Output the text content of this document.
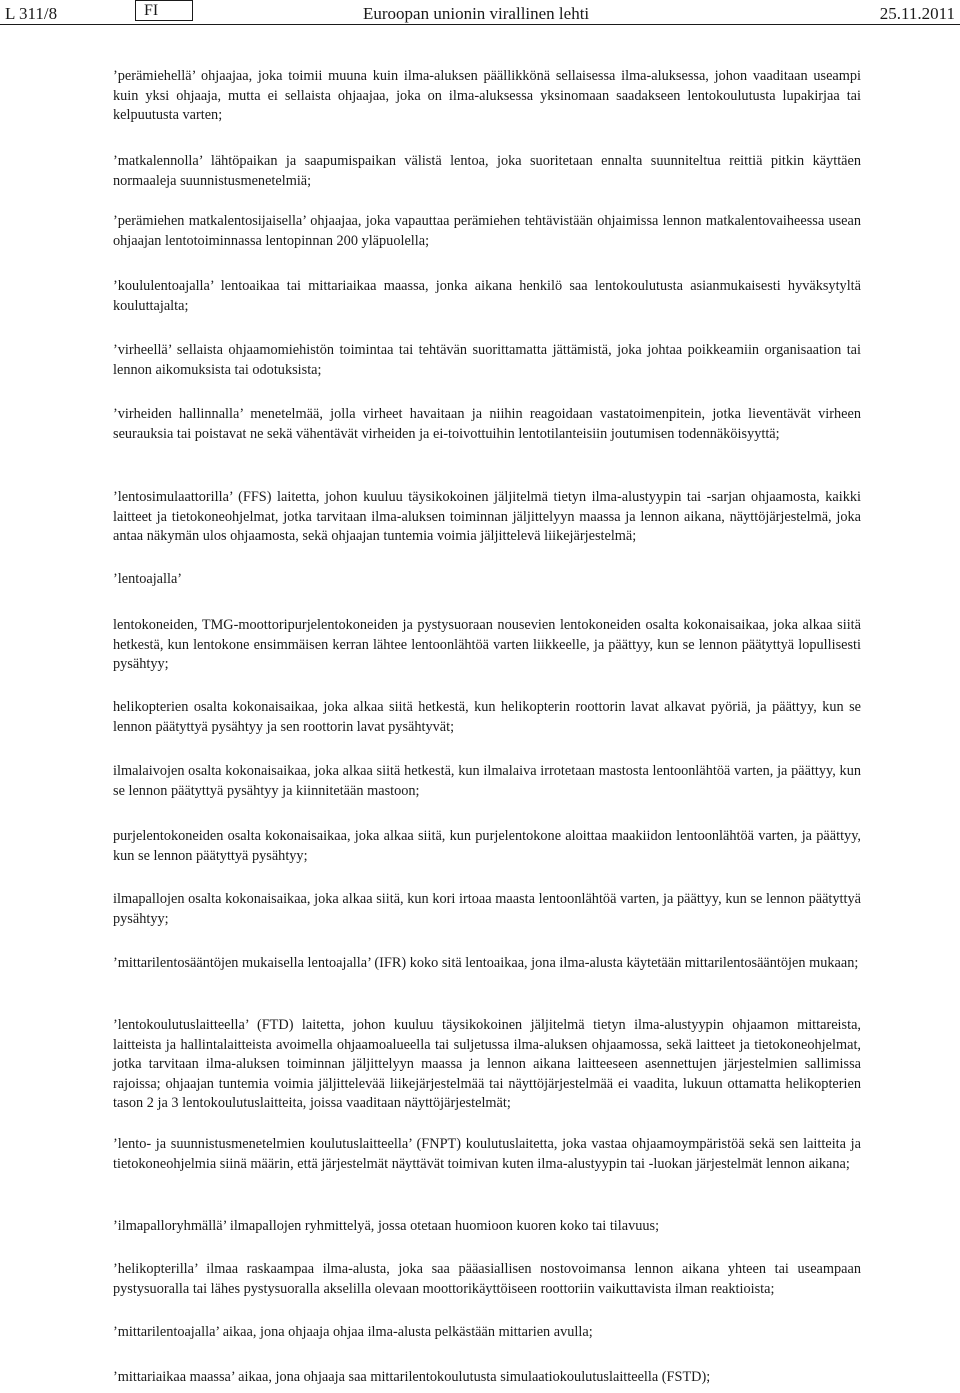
L 311/8	FI	Euroopan unionin virallinen lehti	25.11.2011

’perämiehellä’ ohjaajaa, joka toimii muuna kuin ilma-aluksen päällikkönä sellaisessa ilma-aluksessa, johon vaaditaan useampi kuin yksi ohjaaja, mutta ei sellaista ohjaajaa, joka on ilma-aluksessa yksinomaan saadakseen lentokoulutusta lupakirjaa tai kelpuutusta varten;

’matkalennolla’ lähtöpaikan ja saapumispaikan välistä lentoa, joka suoritetaan ennalta suunniteltua reittiä pitkin käyttäen normaaleja suunnistusmenetelmiä;

’perämiehen matkalentosijaisella’ ohjaajaa, joka vapauttaa perämiehen tehtävistään ohjaimissa lennon matkalentovaiheessa usean ohjaajan lentotoiminnassa lentopinnan 200 yläpuolella;

’koululentoajalla’ lentoaikaa tai mittariaikaa maassa, jonka aikana henkilö saa lentokoulutusta asianmukaisesti hyväksytyltä kouluttajalta;

’virheellä’ sellaista ohjaamomiehistön toimintaa tai tehtävän suorittamatta jättämistä, joka johtaa poikkeamiin organisaation tai lennon aikomuksista tai odotuksista;

’virheiden hallinnalla’ menetelmää, jolla virheet havaitaan ja niihin reagoidaan vastatoimenpitein, jotka lieventävät virheen seurauksia tai poistavat ne sekä vähentävät virheiden ja ei-toivottuihin lentotilanteisiin joutumisen todennäköisyyttä;

’lentosimulaattorilla’ (FFS) laitetta, johon kuuluu täysikokoinen jäljitelmä tietyn ilma-alustyypin tai -sarjan ohjaamosta, kaikki laitteet ja tietokoneohjelmat, jotka tarvitaan ilma-aluksen toiminnan jäljittelyyn maassa ja lennon aikana, näyttöjärjestelmä, joka antaa näkymän ulos ohjaamosta, sekä ohjaajan tuntemia voimia jäljittelevä liikejärjestelmä;

’lentoajalla’

lentokoneiden, TMG-moottoripurjelentokoneiden ja pystysuoraan nousevien lentokoneiden osalta kokonaisaikaa, joka alkaa siitä hetkestä, kun lentokone ensimmäisen kerran lähtee lentoonlähtöä varten liikkeelle, ja päättyy, kun se lennon päätyttyä lopullisesti pysähtyy;

helikopterien osalta kokonaisaikaa, joka alkaa siitä hetkestä, kun helikopterin roottorin lavat alkavat pyöriä, ja päättyy, kun se lennon päätyttyä pysähtyy ja sen roottorin lavat pysähtyvät;

ilmalaivojen osalta kokonaisaikaa, joka alkaa siitä hetkestä, kun ilmalaiva irrotetaan mastosta lentoonlähtöä varten, ja päättyy, kun se lennon päätyttyä pysähtyy ja kiinnitetään mastoon;

purjelentokoneiden osalta kokonaisaikaa, joka alkaa siitä, kun purjelentokone aloittaa maakiidon lentoonlähtöä varten, ja päättyy, kun se lennon päätyttyä pysähtyy;

ilmapallojen osalta kokonaisaikaa, joka alkaa siitä, kun kori irtoaa maasta lentoonlähtöä varten, ja päättyy, kun se lennon päätyttyä pysähtyy;

’mittarilentosääntöjen mukaisella lentoajalla’ (IFR) koko sitä lentoaikaa, jona ilma-alusta käytetään mittarilentosääntöjen mukaan;

’lentokoulutuslaitteella’ (FTD) laitetta, johon kuuluu täysikokoinen jäljitelmä tietyn ilma-alustyypin ohjaamon mittareista, laitteista ja hallintalaitteista avoimella ohjaamoalueella tai suljetussa ilma-aluksen ohjaamossa, sekä laitteet ja tietokoneohjelmat, jotka tarvitaan ilma-aluksen toiminnan jäljittelyyn maassa ja lennon aikana laitteeseen asennettujen järjestelmien sallimissa rajoissa; ohjaajan tuntemia voimia jäljittelevää liikejärjestelmää tai näyttöjärjestelmää ei vaadita, lukuun ottamatta helikopterien tason 2 ja 3 lentokoulutuslaitteita, joissa vaaditaan näyttöjärjestelmät;

’lento- ja suunnistusmenetelmien koulutuslaitteella’ (FNPT) koulutuslaitetta, joka vastaa ohjaamoympäristöä sekä sen laitteita ja tietokoneohjelmia siinä määrin, että järjestelmät näyttävät toimivan kuten ilma-alustyypin tai -luokan järjestelmät lennon aikana;

’ilmapalloryhmällä’ ilmapallojen ryhmittelyä, jossa otetaan huomioon kuoren koko tai tilavuus;

’helikopterilla’ ilmaa raskaampaa ilma-alusta, joka saa pääasiallisen nostovoimansa lennon aikana yhteen tai useampaan pystysuoralla tai lähes pystysuoralla akselilla olevaan moottorikäyttöiseen roottoriin vaikuttavista ilman reaktioista;

’mittarilentoajalla’ aikaa, jona ohjaaja ohjaa ilma-alusta pelkästään mittarien avulla;

’mittariaikaa maassa’ aikaa, jona ohjaaja saa mittarilentokoulutusta simulaatiokoulutuslaitteella (FSTD);
